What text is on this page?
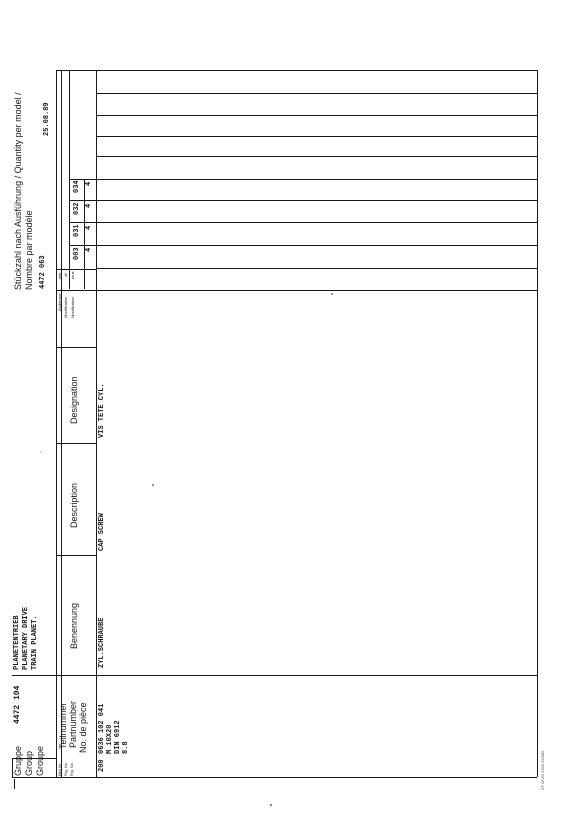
Gruppe Group Groupe
4472 104
PLANETENTRIEB PLANETARY DRIVE TRAIN PLANET.
Stückzahl nach Ausführung / Quantity per model / Nombre par modèle 4472 063
25.08.89
Bild Nr. Fig. No. Fig. No.
Teilnummer Partnumber No. de pièce
Benennung
Description
Designation
Änderung Modification Modification
alle all tous
003
031
032
034
200
0636 102 041 M 10X20 DIN 6912 8.8
ZYL.SCHRAUBE
CAP SCREW
VIS TETE CYL.
4
4
4
4
ZF 09.80 0306 25/080
